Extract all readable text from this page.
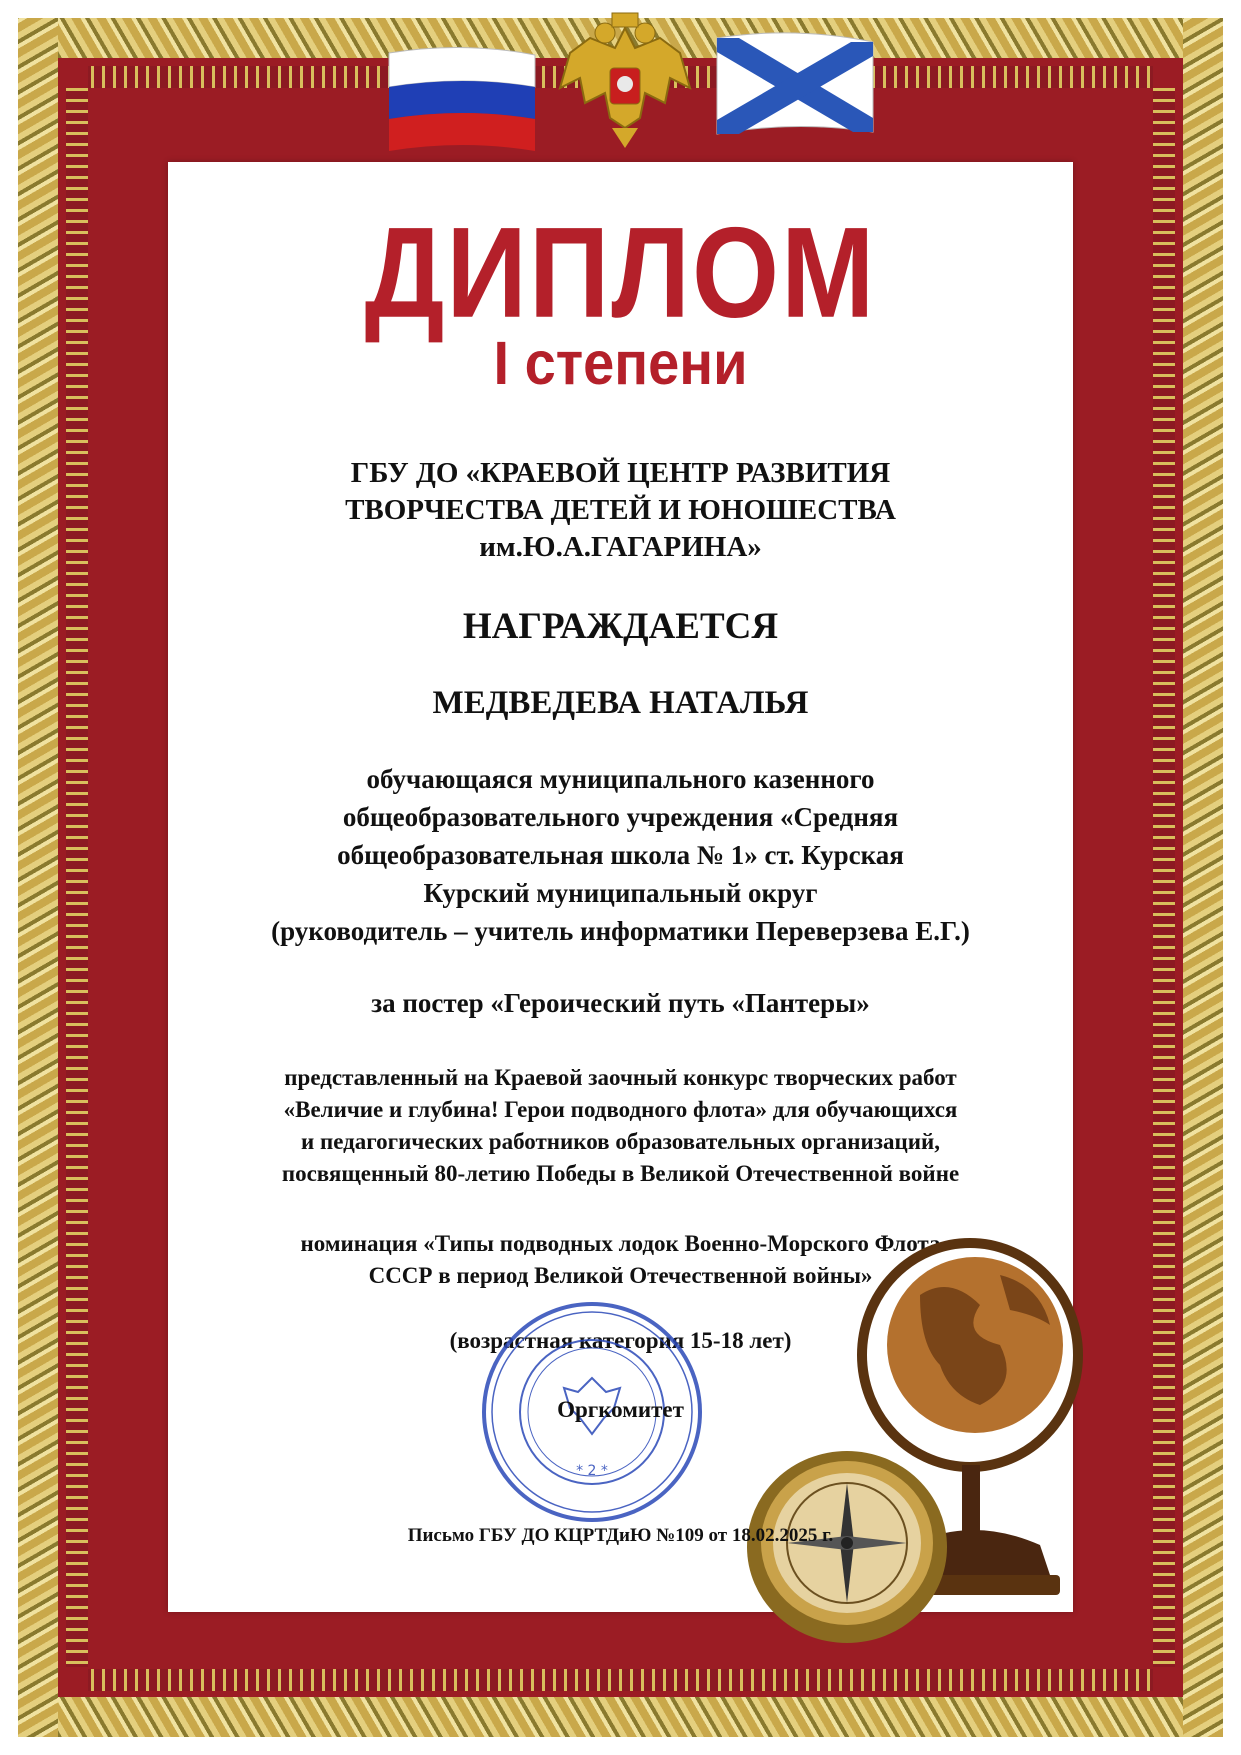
ДИПЛОМ
I степени
ГБУ ДО «КРАЕВОЙ ЦЕНТР РАЗВИТИЯ
ТВОРЧЕСТВА ДЕТЕЙ И ЮНОШЕСТВА
им.Ю.А.ГАГАРИНА»
НАГРАЖДАЕТСЯ
МЕДВЕДЕВА НАТАЛЬЯ
обучающаяся муниципального казенного
общеобразовательного учреждения «Средняя
общеобразовательная школа № 1» ст. Курская
Курский муниципальный округ
(руководитель – учитель информатики Переверзева Е.Г.)
за постер «Героический путь «Пантеры»
представленный на Краевой заочный конкурс творческих работ
«Величие и глубина! Герои подводного флота» для обучающихся
и педагогических работников образовательных организаций,
посвященный 80-летию Победы в Великой Отечественной войне
номинация «Типы подводных лодок Военно-Морского Флота
СССР в период Великой Отечественной войны»
(возрастная категория 15-18 лет)
* 2 *
Оргкомитет
Письмо ГБУ ДО КЦРТДиЮ №109 от 18.02.2025 г.
